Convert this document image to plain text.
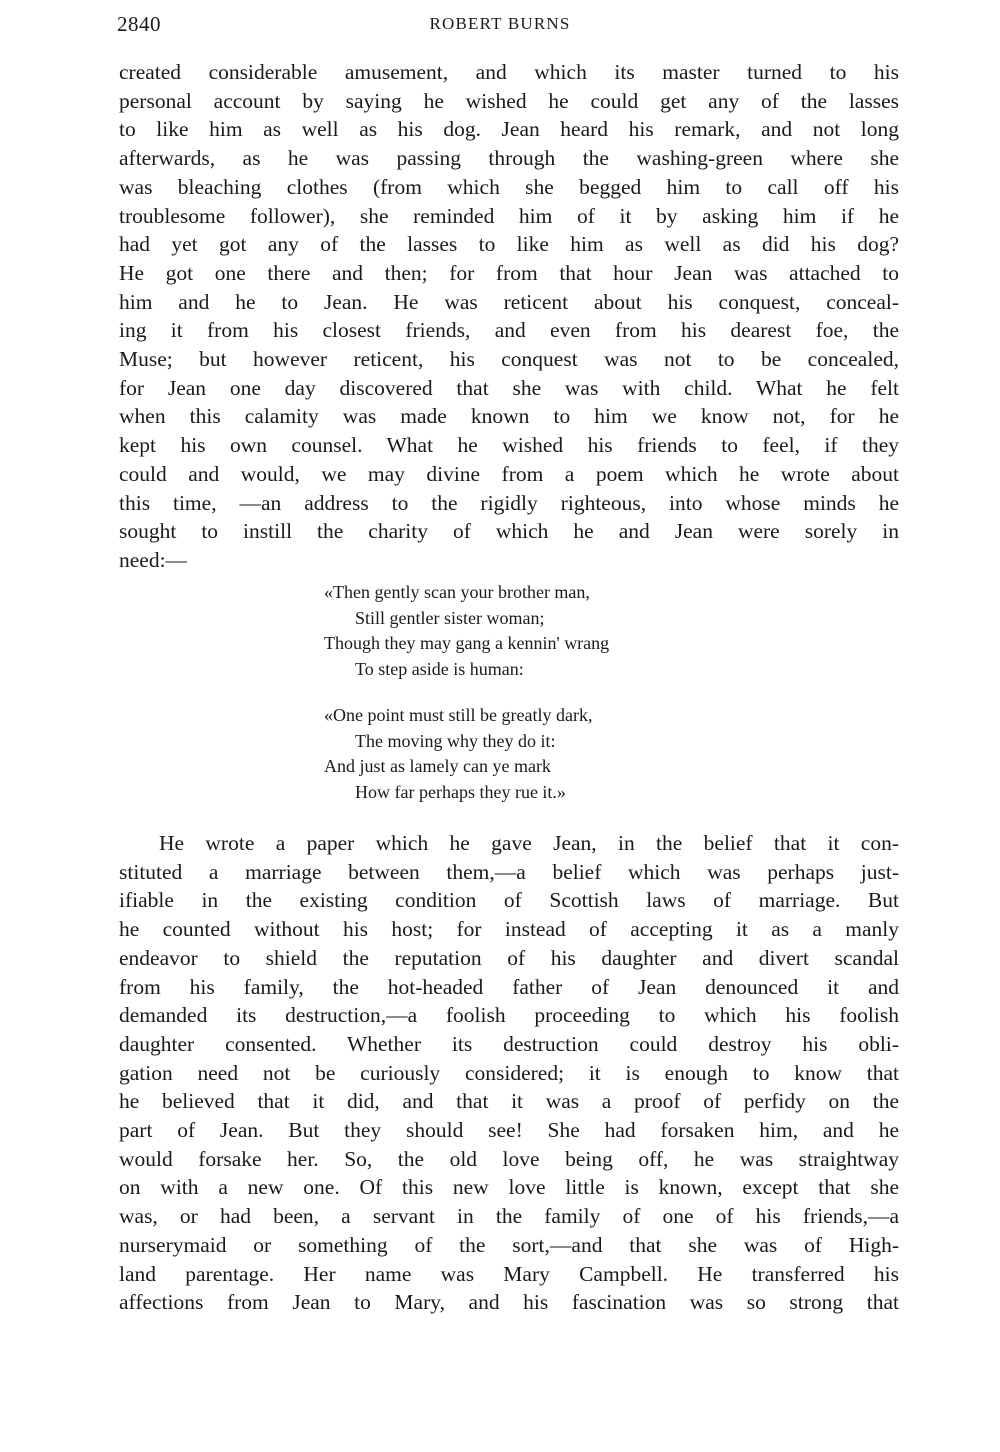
2840	ROBERT BURNS
created considerable amusement, and which its master turned to his
personal account by saying he wished he could get any of the lasses
to like him as well as his dog. Jean heard his remark, and not long
afterwards, as he was passing through the washing-green where she
was bleaching clothes (from which she begged him to call off his
troublesome follower), she reminded him of it by asking him if he
had yet got any of the lasses to like him as well as did his dog?
He got one there and then; for from that hour Jean was attached to
him and he to Jean. He was reticent about his conquest, conceal-
ing it from his closest friends, and even from his dearest foe, the
Muse; but however reticent, his conquest was not to be concealed,
for Jean one day discovered that she was with child. What he felt
when this calamity was made known to him we know not, for he
kept his own counsel. What he wished his friends to feel, if they
could and would, we may divine from a poem which he wrote about
this time, —an address to the rigidly righteous, into whose minds he
sought to instill the charity of which he and Jean were sorely in
need:—
«Then gently scan your brother man,
Still gentler sister woman;
Though they may gang a kennin' wrang
To step aside is human:
«One point must still be greatly dark,
The moving why they do it:
And just as lamely can ye mark
How far perhaps they rue it.»
He wrote a paper which he gave Jean, in the belief that it con-
stituted a marriage between them,—a belief which was perhaps just-
ifiable in the existing condition of Scottish laws of marriage. But
he counted without his host; for instead of accepting it as a manly
endeavor to shield the reputation of his daughter and divert scandal
from his family, the hot-headed father of Jean denounced it and
demanded its destruction,—a foolish proceeding to which his foolish
daughter consented. Whether its destruction could destroy his obli-
gation need not be curiously considered; it is enough to know that
he believed that it did, and that it was a proof of perfidy on the
part of Jean. But they should see! She had forsaken him, and he
would forsake her. So, the old love being off, he was straightway
on with a new one. Of this new love little is known, except that she
was, or had been, a servant in the family of one of his friends,—a
nurserymaid or something of the sort,—and that she was of High-
land parentage. Her name was Mary Campbell. He transferred his
affections from Jean to Mary, and his fascination was so strong that
